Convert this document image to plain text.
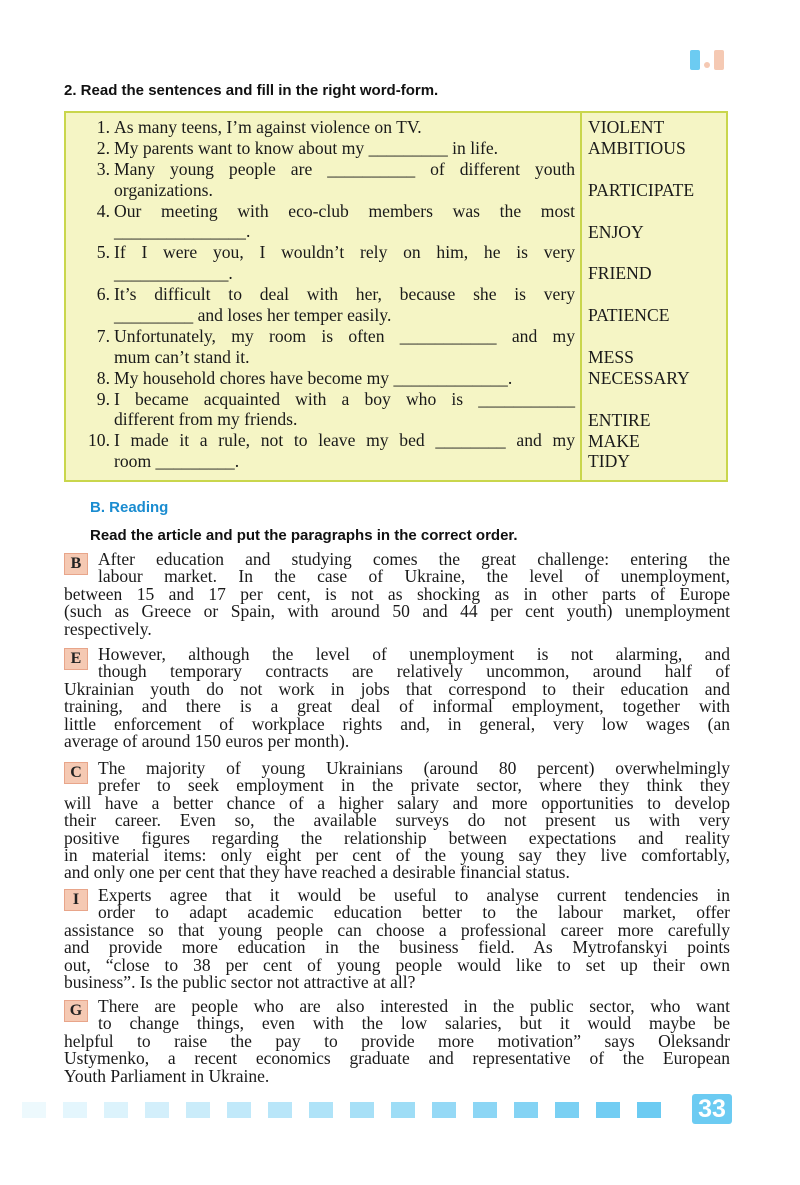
2. Read the sentences and fill in the right word-form.
1. As many teens, I’m against violence on TV.
2. My parents want to know about my _________ in life.
3. Many young people are __________ of different youth
organizations.
4. Our meeting with eco-club members was the most
_______________.
5. If I were you, I wouldn’t rely on him, he is very
_____________.
6. It’s difficult to deal with her, because she is very
_________ and loses her temper easily.
7. Unfortunately, my room is often ___________ and my
mum can’t stand it.
8. My household chores have become my _____________.
9. I became acquainted with a boy who is ___________
different from my friends.
10. I made it a rule, not to leave my bed ________ and my
room _________.
VIOLENT
AMBITIOUS
PARTICIPATE
ENJOY
FRIEND
PATIENCE
MESS
NECESSARY
ENTIRE
MAKE
TIDY
B. Reading

Read the article and put the paragraphs in the correct order.

B After education and studying comes the great challenge: entering the
labour market. In the case of Ukraine, the level of unemployment,
between 15 and 17 per cent, is not as shocking as in other parts of Europe
(such as Greece or Spain, with around 50 and 44 per cent youth) unemployment
respectively.
E However, although the level of unemployment is not alarming, and
though temporary contracts are relatively uncommon, around half of
Ukrainian youth do not work in jobs that correspond to their education and
training, and there is a great deal of informal employment, together with
little enforcement of workplace rights and, in general, very low wages (an
average of around 150 euros per month).
C The majority of young Ukrainians (around 80 percent) overwhelmingly
prefer to seek employment in the private sector, where they think they
will have a better chance of a higher salary and more opportunities to develop
their career. Even so, the available surveys do not present us with very
positive figures regarding the relationship between expectations and reality
in material items: only eight per cent of the young say they live comfortably,
and only one per cent that they have reached a desirable financial status.
I	Experts agree that it would be useful to analyse current tendencies in
order to adapt academic education better to the labour market, offer
assistance so that young people can choose a professional career more carefully
and provide more education in the business field. As Mytrofanskyi points
out, “close to 38 per cent of young people would like to set up their own
business”. Is the public sector not attractive at all?
G There are people who are also interested in the public sector, who want
to change things, even with the low salaries, but it would maybe be
helpful to raise the pay to provide more motivation” says Oleksandr
Ustymenko, a recent economics graduate and representative of the European
Youth Parliament in Ukraine.
33
